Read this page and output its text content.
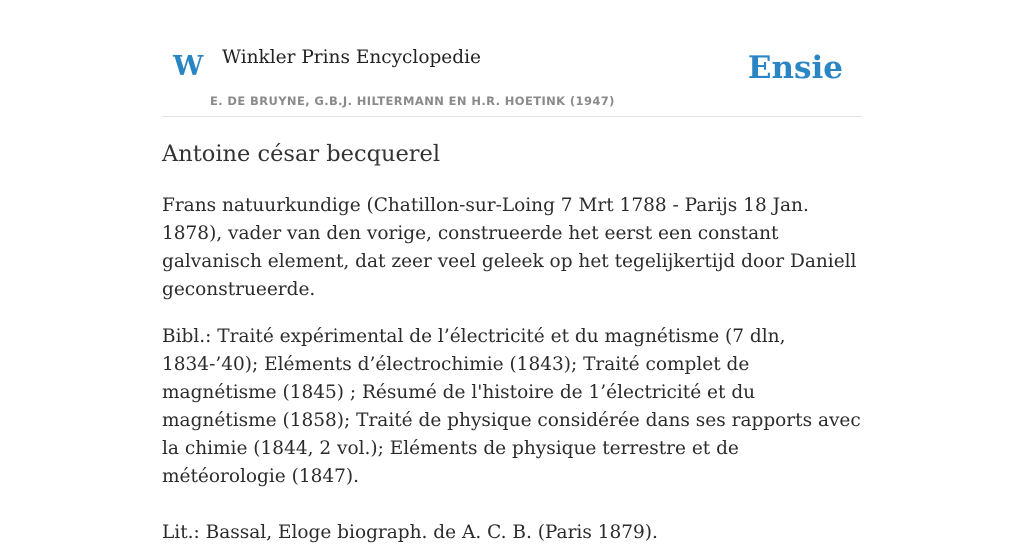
W Winkler Prins Encyclopedie
E. DE BRUYNE, G.B.J. HILTERMANN EN H.R. HOETINK (1947)
Ensie
Antoine césar becquerel

Frans natuurkundige (Chatillon-sur-Loing 7 Mrt 1788 - Parijs 18 Jan. 1878), vader van den vorige, construeerde het eerst een constant galvanisch element, dat zeer veel geleek op het tegelijkertijd door Daniell geconstrueerde.

Bibl.: Traité expérimental de l’électricité et du magnétisme (7 dln, 1834-’40); Eléments d’électrochimie (1843); Traité complet de magnétisme (1845) ; Résumé de l'histoire de 1’électricité et du magnétisme (1858); Traité de physique considérée dans ses rapports avec la chimie (1844, 2 vol.); Eléments de physique terrestre et de météorologie (1847).

Lit.: Bassal, Eloge biograph. de A. C. B. (Paris 1879).
